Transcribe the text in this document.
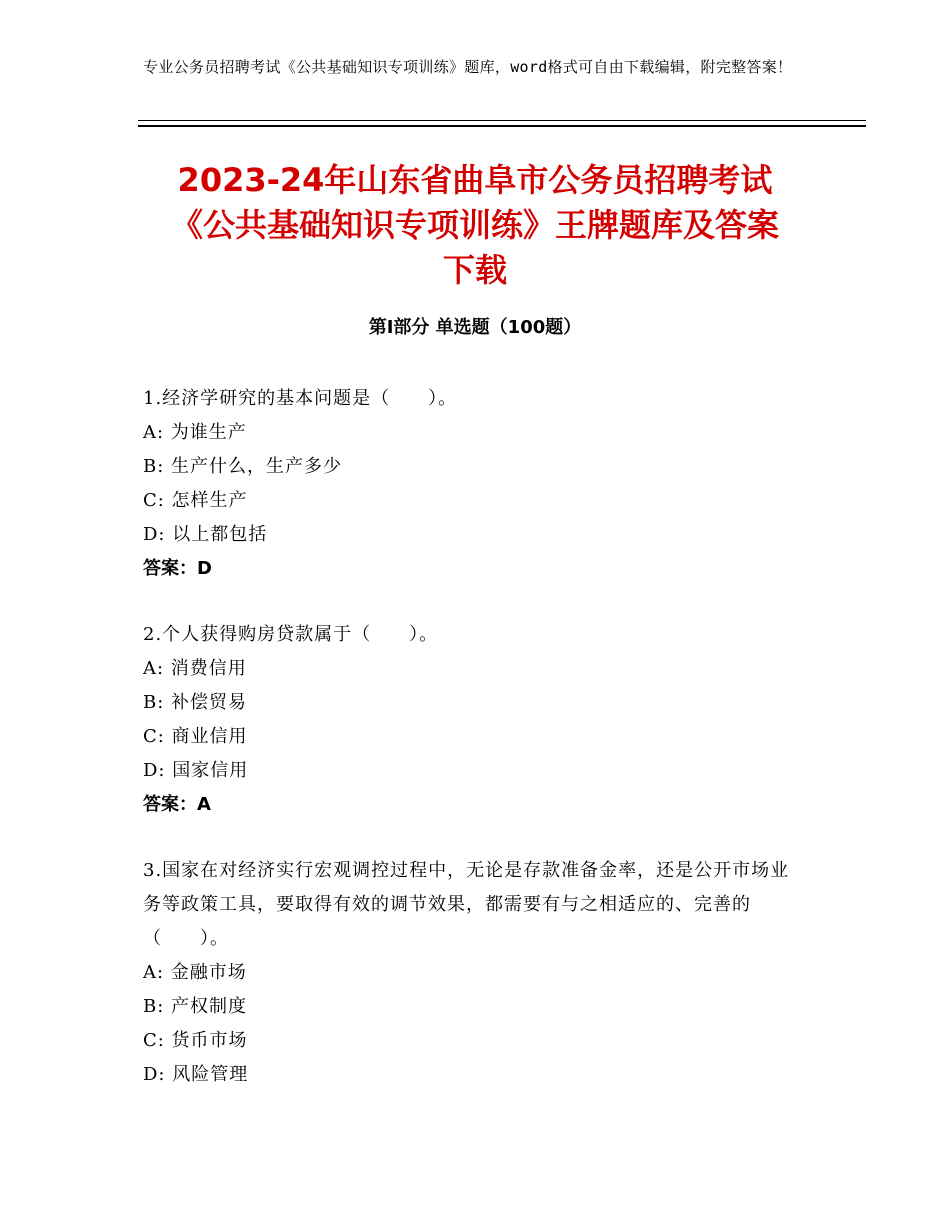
专业公务员招聘考试《公共基础知识专项训练》题库，word格式可自由下载编辑，附完整答案！
2023-24年山东省曲阜市公务员招聘考试
《公共基础知识专项训练》王牌题库及答案
下载
第Ⅰ部分 单选题（100题）
1.经济学研究的基本问题是（　　）。
A: 为谁生产
B: 生产什么，生产多少
C: 怎样生产
D: 以上都包括
答案：D
2.个人获得购房贷款属于（　　）。
A: 消费信用
B: 补偿贸易
C: 商业信用
D: 国家信用
答案：A
3.国家在对经济实行宏观调控过程中，无论是存款准备金率，还是公开市场业务等政策工具，要取得有效的调节效果，都需要有与之相适应的、完善的（　　）。
A: 金融市场
B: 产权制度
C: 货币市场
D: 风险管理
